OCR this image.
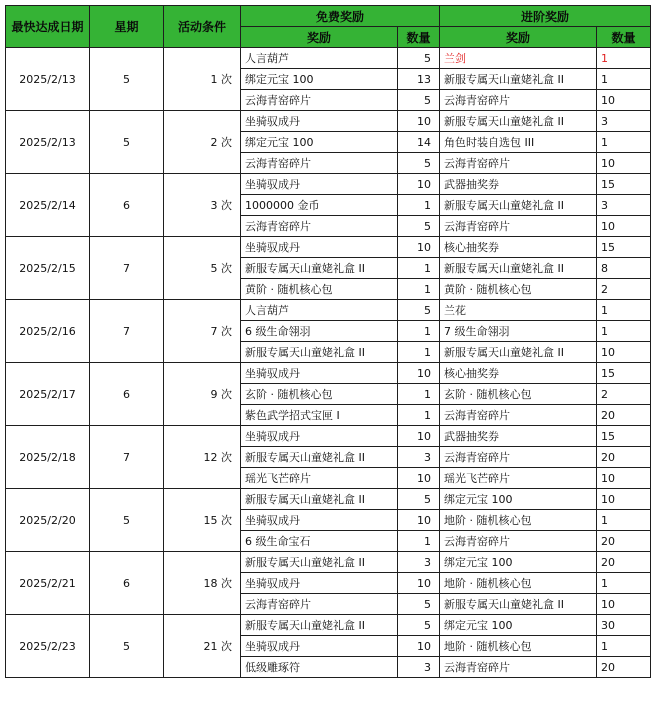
最快达成日期	星期	活动条件	免费奖励		进阶奖励	
			奖励	数量	奖励	数量
2025/2/13	5	1 次	人言葫芦	5	兰剑	1
			绑定元宝 100	13	新服专属天山童姥礼盒 II	1
			云海青窑碎片	5	云海青窑碎片	10
2025/2/13	5	2 次	坐骑驭成丹	10	新服专属天山童姥礼盒 II	3
			绑定元宝 100	14	角色时装自选包 III	1
			云海青窑碎片	5	云海青窑碎片	10
2025/2/14	6	3 次	坐骑驭成丹	10	武器抽奖券	15
			1000000 金币	1	新服专属天山童姥礼盒 II	3
			云海青窑碎片	5	云海青窑碎片	10
2025/2/15	7	5 次	坐骑驭成丹	10	核心抽奖券	15
			新服专属天山童姥礼盒 II	1	新服专属天山童姥礼盒 II	8
			黄阶 · 随机核心包	1	黄阶 · 随机核心包	2
2025/2/16	7	7 次	人言葫芦	5	兰花	1
			6 级生命翎羽	1	7 级生命翎羽	1
			新服专属天山童姥礼盒 II	1	新服专属天山童姥礼盒 II	10
2025/2/17	6	9 次	坐骑驭成丹	10	核心抽奖券	15
			玄阶 · 随机核心包	1	玄阶 · 随机核心包	2
			紫色武学招式宝匣 I	1	云海青窑碎片	20
2025/2/18	7	12 次	坐骑驭成丹	10	武器抽奖券	15
			新服专属天山童姥礼盒 II	3	云海青窑碎片	20
			瑶光飞芒碎片	10	瑶光飞芒碎片	10
2025/2/20	5	15 次	新服专属天山童姥礼盒 II	5	绑定元宝 100	10
			坐骑驭成丹	10	地阶 · 随机核心包	1
			6 级生命宝石	1	云海青窑碎片	20
2025/2/21	6	18 次	新服专属天山童姥礼盒 II	3	绑定元宝 100	20
			坐骑驭成丹	10	地阶 · 随机核心包	1
			云海青窑碎片	5	新服专属天山童姥礼盒 II	10
2025/2/23	5	21 次	新服专属天山童姥礼盒 II	5	绑定元宝 100	30
			坐骑驭成丹	10	地阶 · 随机核心包	1
			低级雕琢符	3	云海青窑碎片	20
